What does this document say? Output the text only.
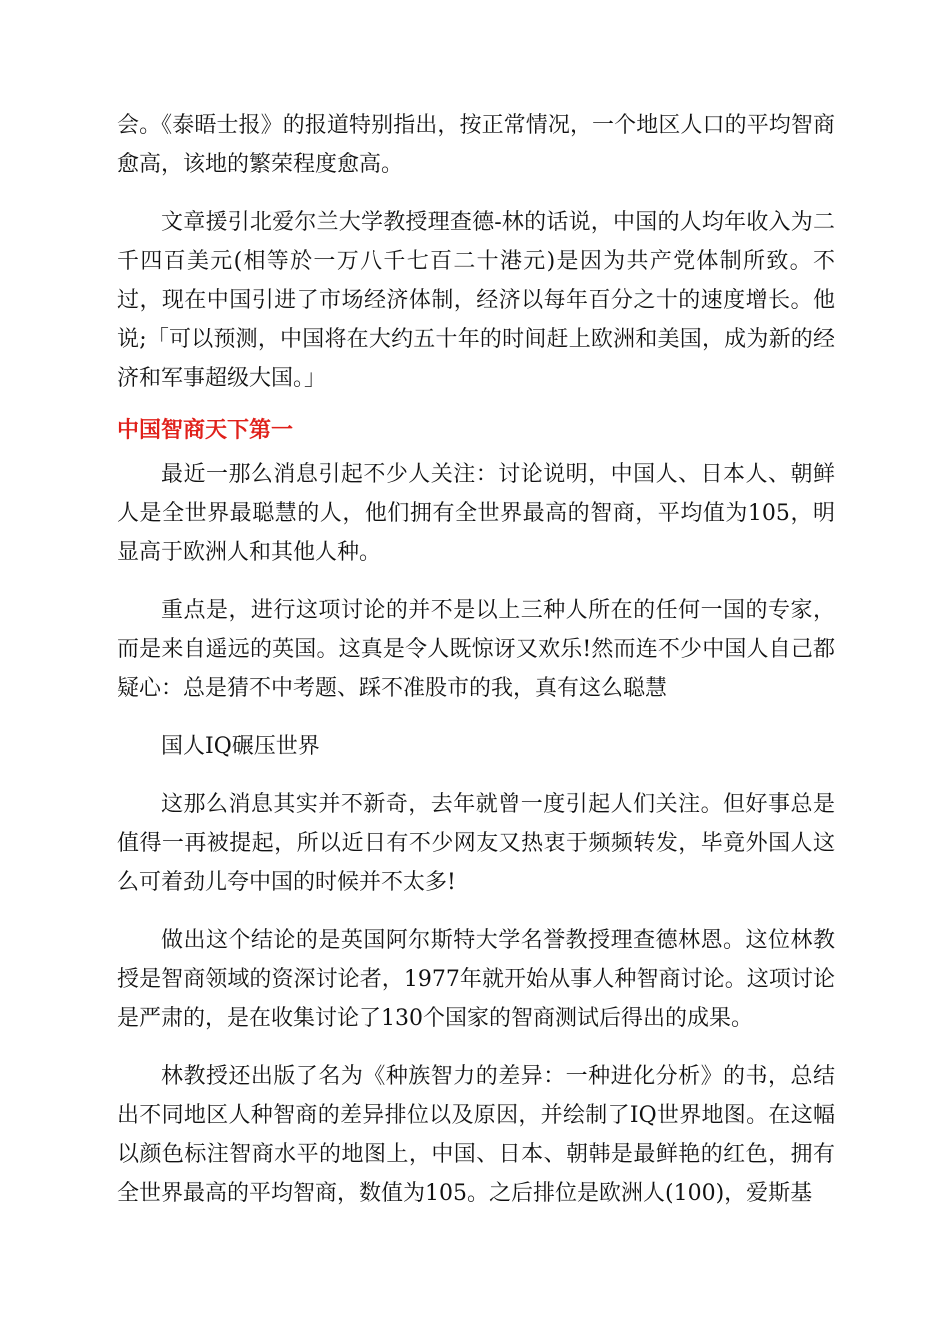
会。《泰晤士报》的报道特别指出，按正常情况，一个地区人口的平均智商愈高，该地的繁荣程度愈高。

文章援引北爱尔兰大学教授理查德-林的话说，中国的人均年收入为二千四百美元(相等於一万八千七百二十港元)是因为共产党体制所致。不过，现在中国引进了市场经济体制，经济以每年百分之十的速度增长。他说;「可以预测，中国将在大约五十年的时间赶上欧洲和美国，成为新的经济和军事超级大国。」

中国智商天下第一

最近一那么消息引起不少人关注：讨论说明，中国人、日本人、朝鲜人是全世界最聪慧的人，他们拥有全世界最高的智商，平均值为105，明显高于欧洲人和其他人种。

重点是，进行这项讨论的并不是以上三种人所在的任何一国的专家，而是来自遥远的英国。这真是令人既惊讶又欢乐!然而连不少中国人自己都疑心：总是猜不中考题、踩不准股市的我，真有这么聪慧

国人IQ碾压世界

这那么消息其实并不新奇，去年就曾一度引起人们关注。但好事总是值得一再被提起，所以近日有不少网友又热衷于频频转发，毕竟外国人这么可着劲儿夸中国的时候并不太多!

做出这个结论的是英国阿尔斯特大学名誉教授理查德林恩。这位林教授是智商领域的资深讨论者，1977年就开始从事人种智商讨论。这项讨论是严肃的，是在收集讨论了130个国家的智商测试后得出的成果。

林教授还出版了名为《种族智力的差异：一种进化分析》的书，总结出不同地区人种智商的差异排位以及原因，并绘制了IQ世界地图。在这幅以颜色标注智商水平的地图上，中国、日本、朝韩是最鲜艳的红色，拥有全世界最高的平均智商，数值为105。之后排位是欧洲人(100)，爱斯基
